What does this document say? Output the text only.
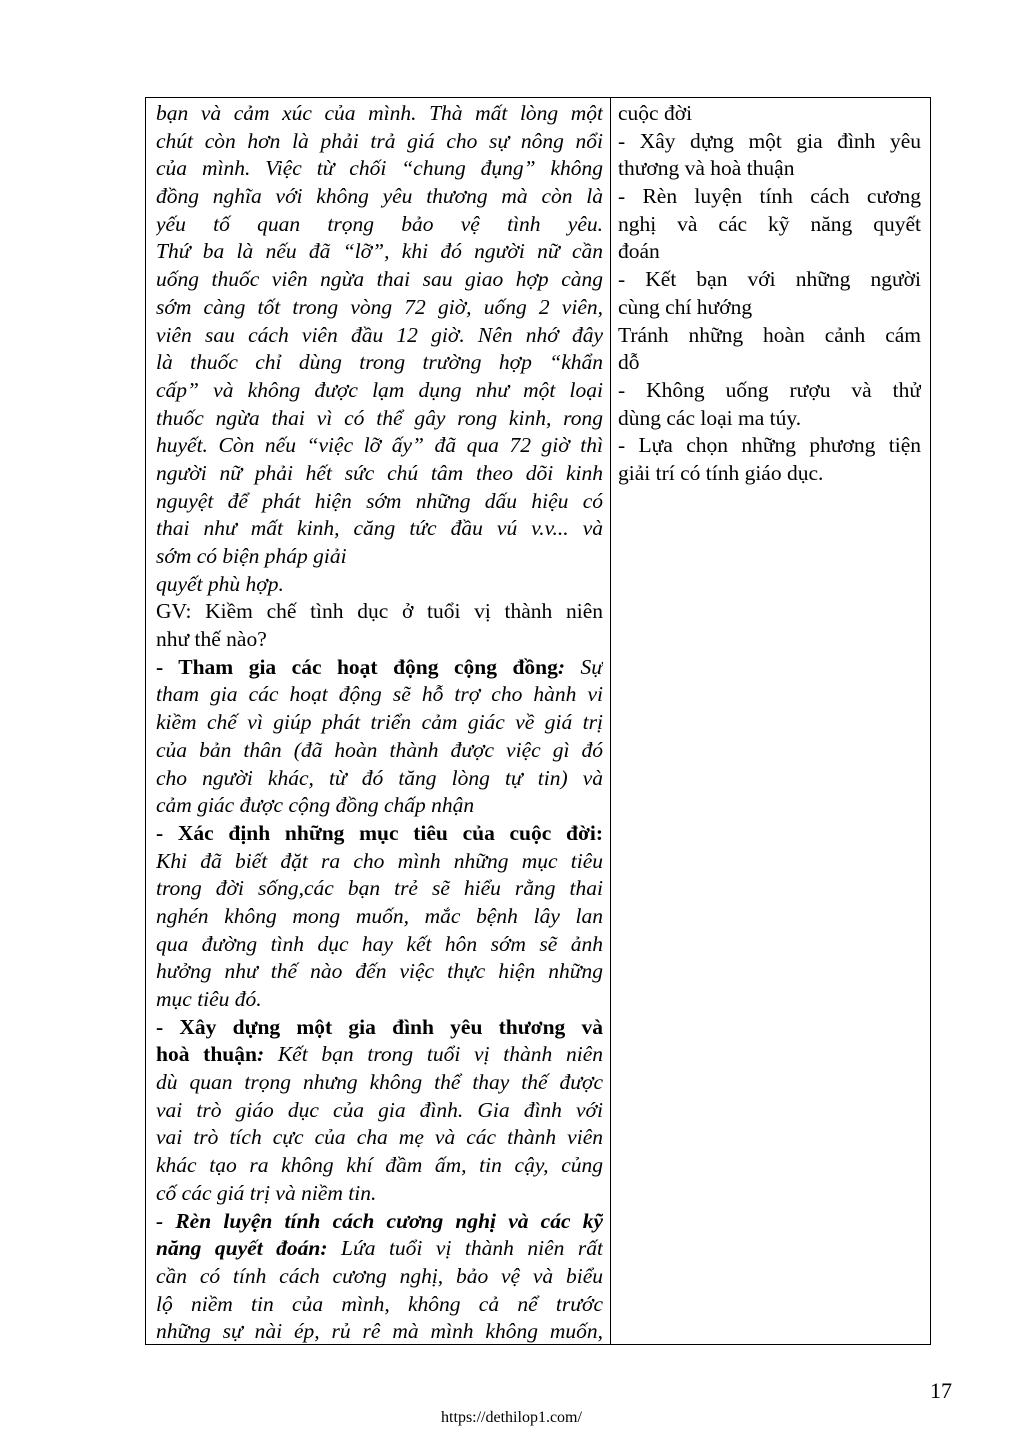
bạn và cảm xúc của mình. Thà mất lòng một
chút còn hơn là phải trả giá cho sự nông nổi
của mình. Việc từ chối “chung đụng” không
đồng nghĩa với không yêu thương mà còn là
yếu tố quan trọng bảo vệ tình yêu.
Thứ ba là nếu đã “lỡ”, khi đó người nữ cần
uống thuốc viên ngừa thai sau giao hợp càng
sớm càng tốt trong vòng 72 giờ, uống 2 viên,
viên sau cách viên đầu 12 giờ. Nên nhớ đây
là thuốc chỉ dùng trong trường hợp “khẩn
cấp” và không được lạm dụng như một loại
thuốc ngừa thai vì có thể gây rong kinh, rong
huyết. Còn nếu “việc lỡ ấy” đã qua 72 giờ thì
người nữ phải hết sức chú tâm theo dõi kinh
nguyệt để phát hiện sớm những dấu hiệu có
thai như mất kinh, căng tức đầu vú v.v... và
sớm có biện pháp giải
quyết phù hợp.
GV: Kiềm chế tình dục ở tuổi vị thành niên
như thế nào?
- Tham gia các hoạt động cộng đồng: Sự
tham gia các hoạt động sẽ hỗ trợ cho hành vi
kiềm chế vì giúp phát triển cảm giác về giá trị
của bản thân (đã hoàn thành được việc gì đó
cho người khác, từ đó tăng lòng tự tin) và
cảm giác được cộng đồng chấp nhận
- Xác định những mục tiêu của cuộc đời:
Khi đã biết đặt ra cho mình những mục tiêu
trong đời sống,các bạn trẻ sẽ hiểu rằng thai
nghén không mong muốn, mắc bệnh lây lan
qua đường tình dục hay kết hôn sớm sẽ ảnh
hưởng như thế nào đến việc thực hiện những
mục tiêu đó.
- Xây dựng một gia đình yêu thương và
hoà thuận: Kết bạn trong tuổi vị thành niên
dù quan trọng nhưng không thể thay thế được
vai trò giáo dục của gia đình. Gia đình với
vai trò tích cực của cha mẹ và các thành viên
khác tạo ra không khí đầm ấm, tin cậy, củng
cố các giá trị và niềm tin.
- Rèn luyện tính cách cương nghị và các kỹ
năng quyết đoán: Lứa tuổi vị thành niên rất
cần có tính cách cương nghị, bảo vệ và biểu
lộ niềm tin của mình, không cả nể trước
những sự nài ép, rủ rê mà mình không muốn,
cuộc đời
- Xây dựng một gia đình yêu
thương và hoà thuận
- Rèn luyện tính cách cương
nghị và các kỹ năng quyết
đoán
- Kết bạn với những người
cùng chí hướng
Tránh những hoàn cảnh cám
dỗ
- Không uống rượu và thử
dùng các loại ma túy.
- Lựa chọn những phương tiện
giải trí có tính giáo dục.
17
https://dethilop1.com/
